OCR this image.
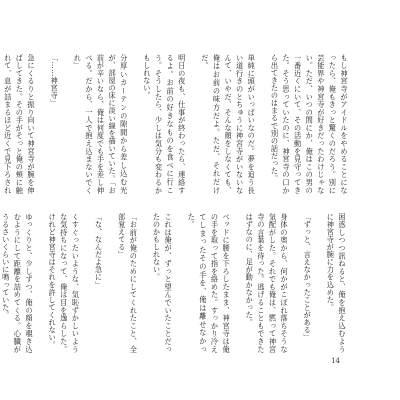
もし神宮寺がアイドルをやめることになったら、俺もきっと驚くのだろう。別に芸能界や神宮寺が好きだったわけじゃない。ただ、いつの間にか、俺はこの男の一番近くにいて、その活動を見守ってきた。そう思っていたのに、神宮寺の口から出てきたのはまるで別の話だった。

単純に頭がいっぱいなのだ。夢を追う長い道行きのとちゅうに神宮寺がいないなんて、いやだ、そんな顔をしなくても、俺はお前の味方だよ。ただ、それだけだ。

明日の夜も、仕事が終わったら、連絡するよ。お前の好きなものを食べに行こう。そうしたら、少しは気分も変わるかもしれない。

分厚いカーテンの隙間から差し込む光が、部屋の床に淡い線を描いていた。「お前が辛いなら、俺は何度でも手を差し伸べる。だから、一人で抱え込まないでくれ」

「……神宮寺」

急にくるりと振り向いて神宮寺が腕を伸ばしてきた。その手がそっと俺の頬に触れて、息が詰まるほど近くで見下ろされ

困惑しつつ訊ねると、俺を抱え込むように神宮寺が腕に力を込めた。

「ずっと、言えなかったことがある」

身体の奥から、何かがこぼれ落ちそうな気配がした。それでも俺は、黙って神宮寺の言葉を待った。逃げることもできたはずなのに、足が動かなかった。

ベッドに腰を下ろしたまま、神宮寺は俺の手を取って指を絡めた。すっかり冷えてしまったその手を、俺は離せなかった。

これは俺が、ずっと望んでいたことだったのかもしれない。

「お前が俺のためにしてくれたこと、全部覚えてる」

「な、なんだよ急に」

くすぐったいような、気恥ずかしいような気持ちになって、俺は目を逸らした。けれど神宮寺はそれを許してくれない。

ゆっくりと、少しずつ、俺の顔を覗き込むようにして距離を詰めてくる。心臓がうるさいくらいに鳴っていた。

14
